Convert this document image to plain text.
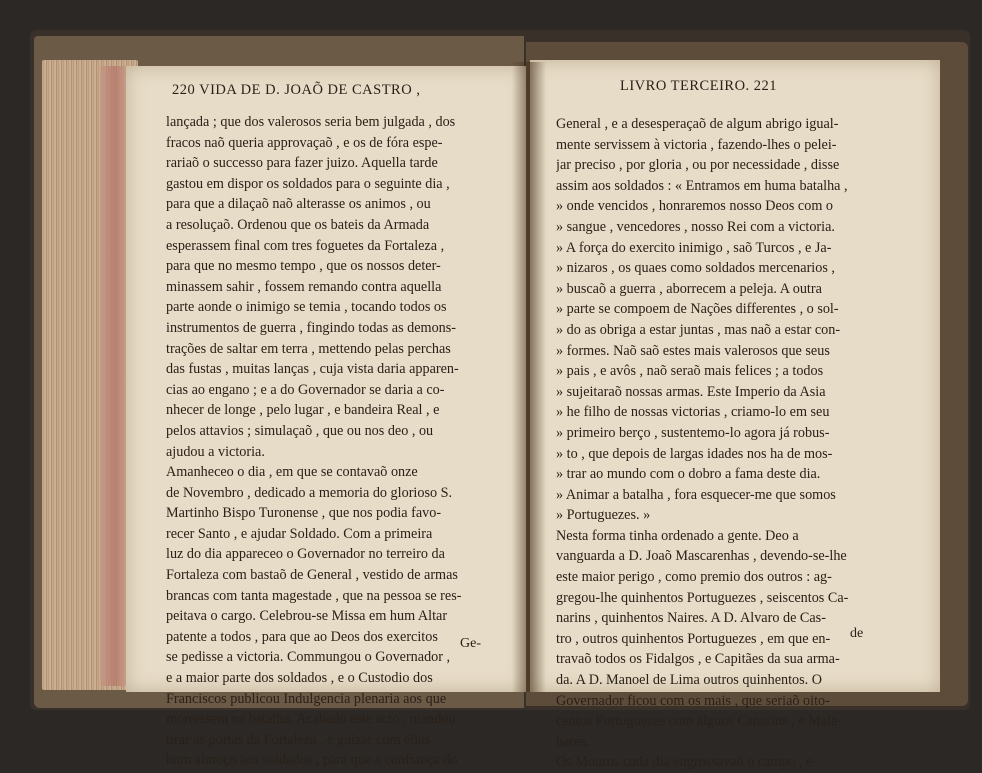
220 VIDA DE D. JOAÕ DE CASTRO ,
lançada ; que dos valerosos seria bem julgada , dos
fracos naõ queria approvaçaõ , e os de fóra espe-
rariaõ o successo para fazer juizo. Aquella tarde
gastou em dispor os soldados para o seguinte dia ,
para que a dilaçaõ naõ alterasse os animos , ou
a resoluçaõ. Ordenou que os bateis da Armada
esperassem final com tres foguetes da Fortaleza ,
para que no mesmo tempo , que os nossos deter-
minassem sahir , fossem remando contra aquella
parte aonde o inimigo se temia , tocando todos os
instrumentos de guerra , fingindo todas as demons-
trações de saltar em terra , mettendo pelas perchas
das fustas , muitas lanças , cuja vista daria apparen-
cias ao engano ; e a do Governador se daria a co-
nhecer de longe , pelo lugar , e bandeira Real , e
pelos attavios ; simulaçaõ , que ou nos deo , ou
ajudou a victoria.
Amanheceo o dia , em que se contavaõ onze
de Novembro , dedicado a memoria do glorioso S.
Martinho Bispo Turonense , que nos podia favo-
recer Santo , e ajudar Soldado. Com a primeira
luz do dia appareceo o Governador no terreiro da
Fortaleza com bastaõ de General , vestido de armas
brancas com tanta magestade , que na pessoa se res-
peitava o cargo. Celebrou-se Missa em hum Altar
patente a todos , para que ao Deos dos exercitos
se pedisse a victoria. Commungou o Governador ,
e a maior parte dos soldados , e o Custodio dos
Franciscos publicou Indulgencia plenaria aos que
morressem na batalha. Acabado este acto , mandou
tirar as portas da Fortaleza , e guizar com ellas
hum almoço aos soldados , para que a confiança do
Ge-
LIVRO TERCEIRO. 221
General , e a desesperaçaõ de algum abrigo igual-
mente servissem à victoria , fazendo-lhes o pelei-
jar preciso , por gloria , ou por necessidade , disse
assim aos soldados : « Entramos em huma batalha ,
» onde vencidos , honraremos nosso Deos com o
» sangue , vencedores , nosso Rei com a victoria.
» A força do exercito inimigo , saõ Turcos , e Ja-
» nizaros , os quaes como soldados mercenarios ,
» buscaõ a guerra , aborrecem a peleja. A outra
» parte se compoem de Nações differentes , o sol-
» do as obriga a estar juntas , mas naõ a estar con-
» formes. Naõ saõ estes mais valerosos que seus
» pais , e avôs , naõ seraõ mais felices ; a todos
» sujeitaraõ nossas armas. Este Imperio da Asia
» he filho de nossas victorias , criamo-lo em seu
» primeiro berço , sustentemo-lo agora já robus-
» to , que depois de largas idades nos ha de mos-
» trar ao mundo com o dobro a fama deste dia.
» Animar a batalha , fora esquecer-me que somos
» Portuguezes. »
Nesta forma tinha ordenado a gente. Deo a
vanguarda a D. Joaõ Mascarenhas , devendo-se-lhe
este maior perigo , como premio dos outros : ag-
gregou-lhe quinhentos Portuguezes , seiscentos Ca-
narins , quinhentos Naires. A D. Alvaro de Cas-
tro , outros quinhentos Portuguezes , em que en-
travaõ todos os Fidalgos , e Capitães da sua arma-
da. A D. Manoel de Lima outros quinhentos. O
Governador ficou com os mais , que seriaõ oito-
centos Portuguezes com alguns Canarins , e Mala-
bares.
Os Mouros cada dia engrossavaõ o campo , e
de
